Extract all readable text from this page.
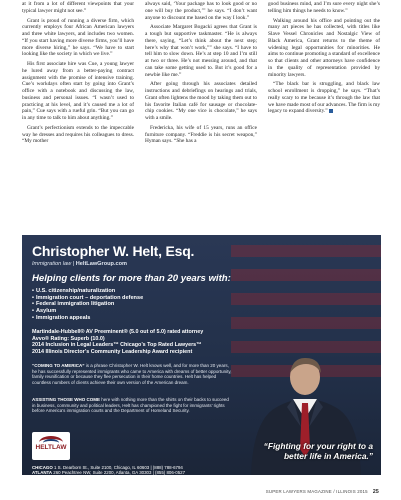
at it from a lot of different viewpoints that your typical lawyer might not see.”

Grant is proud of running a diverse firm, which currently employs four African American lawyers and three white lawyers, and includes two women. “If you start having more diverse firms, you’ll have more diverse hiring,” he says. “We have to start looking like the society in which we live.”

His first associate hire was Cue, a young lawyer he lured away from a better-paying contract assignment with the promise of intensive training. Cue’s workdays often start by going into Grant’s office with a notebook and discussing the law, business and personal issues. “I wasn’t used to practicing at his level, and it’s caused me a lot of pain,” Cue says with a rueful grin. “But you can go in any time to talk to him about anything.”

Grant’s perfectionism extends to the impeccable way he dresses and requires his colleagues to dress. “My mother

always said, ‘Your package has to look good or no one will buy the product,’” he says. “I don’t want anyone to discount me based on the way I look.”

Associate Margaret Bogacki agrees that Grant is a tough but supportive taskmaster. “He is always there, saying, “Let’s think about the next step; here’s why that won’t work,”” she says. “I have to tell him to slow down. He’s at step 10 and I’m still at two or three. He’s not messing around, and that can take some getting used to. But it’s good for a newbie like me.”

After going through his associates detailed instructions and debriefings on hearings and trials, Grant often lightens the mood by taking them out to his favorite Italian café for sausage or chocolate-chip cookies. “My one vice is chocolate,” he says with a smile.

Fredericka, his wife of 15 years, runs an office furniture company. “Freddie is his secret weapon,” Hyman says. “She has a

good business mind, and I’m sure every night she’s telling him things he needs to know.”

Walking around his office and pointing out the many art pieces he has collected, with titles like Slave Vessel Chronicles and Nostalgic View of Black America, Grant returns to the theme of widening legal opportunities for minorities. He aims to continue promoting a standard of excellence so that clients and other attorneys have confidence in the quality of representation provided by minority lawyers.

“The black bar is struggling, and black law school enrollment is dropping,” he says. “That’s really scary to me because it’s through the law that we have made most of our advances. The firm is my legacy to expand diversity.”

Christopher W. Helt, Esq.
Immigration law | HeltLawGroup.com
Helping clients for more than 20 years with:
• U.S. citizenship/naturalization
• Immigration court – deportation defense
• Federal immigration litigation
• Asylum
• Immigration appeals
Martindale-Hubbell® AV Preeminent® (5.0 out of 5.0) rated attorney
Avvo® Rating: Superb (10.0)
2014 Inclusion in Legal Leaders™ Chicago’s Top Rated Lawyers™
2014 Illinois Director’s Community Leadership Award recipient

“COMING TO AMERICA” is a phrase Christopher W. Helt knows well, and for more than 20 years, he has successfully represented immigrants who came to America with dreams of better opportunity, family reunification or because they flee persecution in their home countries. Helt has helped countless numbers of clients achieve their own version of the American dream.

ASSISTING THOSE WHO COME here with nothing more than the shirts on their backs to succeed in business, community and political leaders, Helt has championed the fight for immigrants’ rights before America’s immigration courts and the Department of Homeland Security.

HELTLAW
CHICAGO 1 S. Dearborn St., Suite 2100, Chicago, IL 60603 | (888) 788-6794
ATLANTA 260 Peachtree NW, Suite 2200, Atlanta, GA 30303 | (855) 806-0527
MEMPHIS (901) 273-1305
“Fighting for your right to a better life in America.”
SUPER LAWYERS MAGAZINE / ILLINOIS 2015 25
